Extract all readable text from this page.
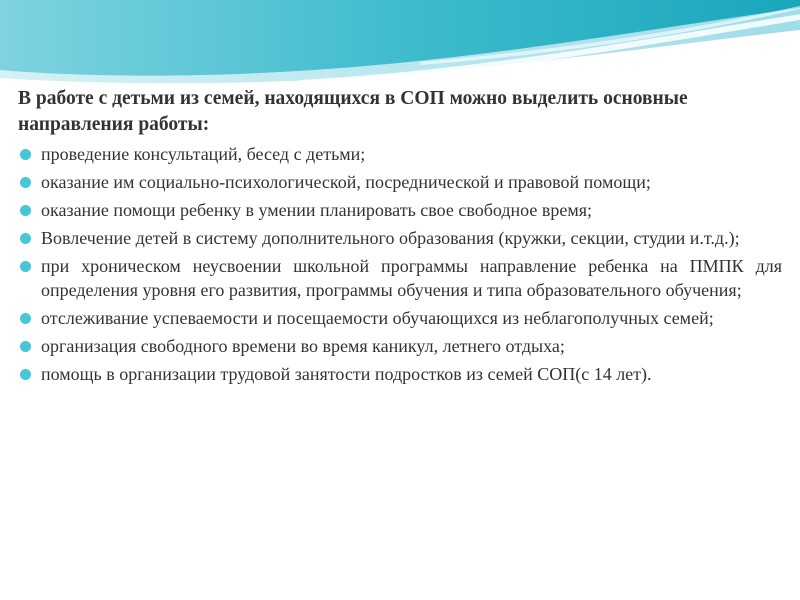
В работе с детьми из семей, находящихся в СОП можно выделить основные направления работы:
проведение консультаций, бесед с детьми;
оказание им социально-психологической, посреднической и правовой помощи;
оказание помощи ребенку в умении планировать свое свободное время;
Вовлечение детей в систему дополнительного образования (кружки, секции, студии и.т.д.);
при хроническом неусвоении школьной программы направление ребенка на ПМПК для определения уровня его развития, программы обучения и типа образовательного обучения;
отслеживание успеваемости и посещаемости обучающихся из неблагополучных семей;
организация свободного времени во время каникул, летнего отдыха;
помощь в организации трудовой занятости подростков из семей СОП(с 14 лет).
